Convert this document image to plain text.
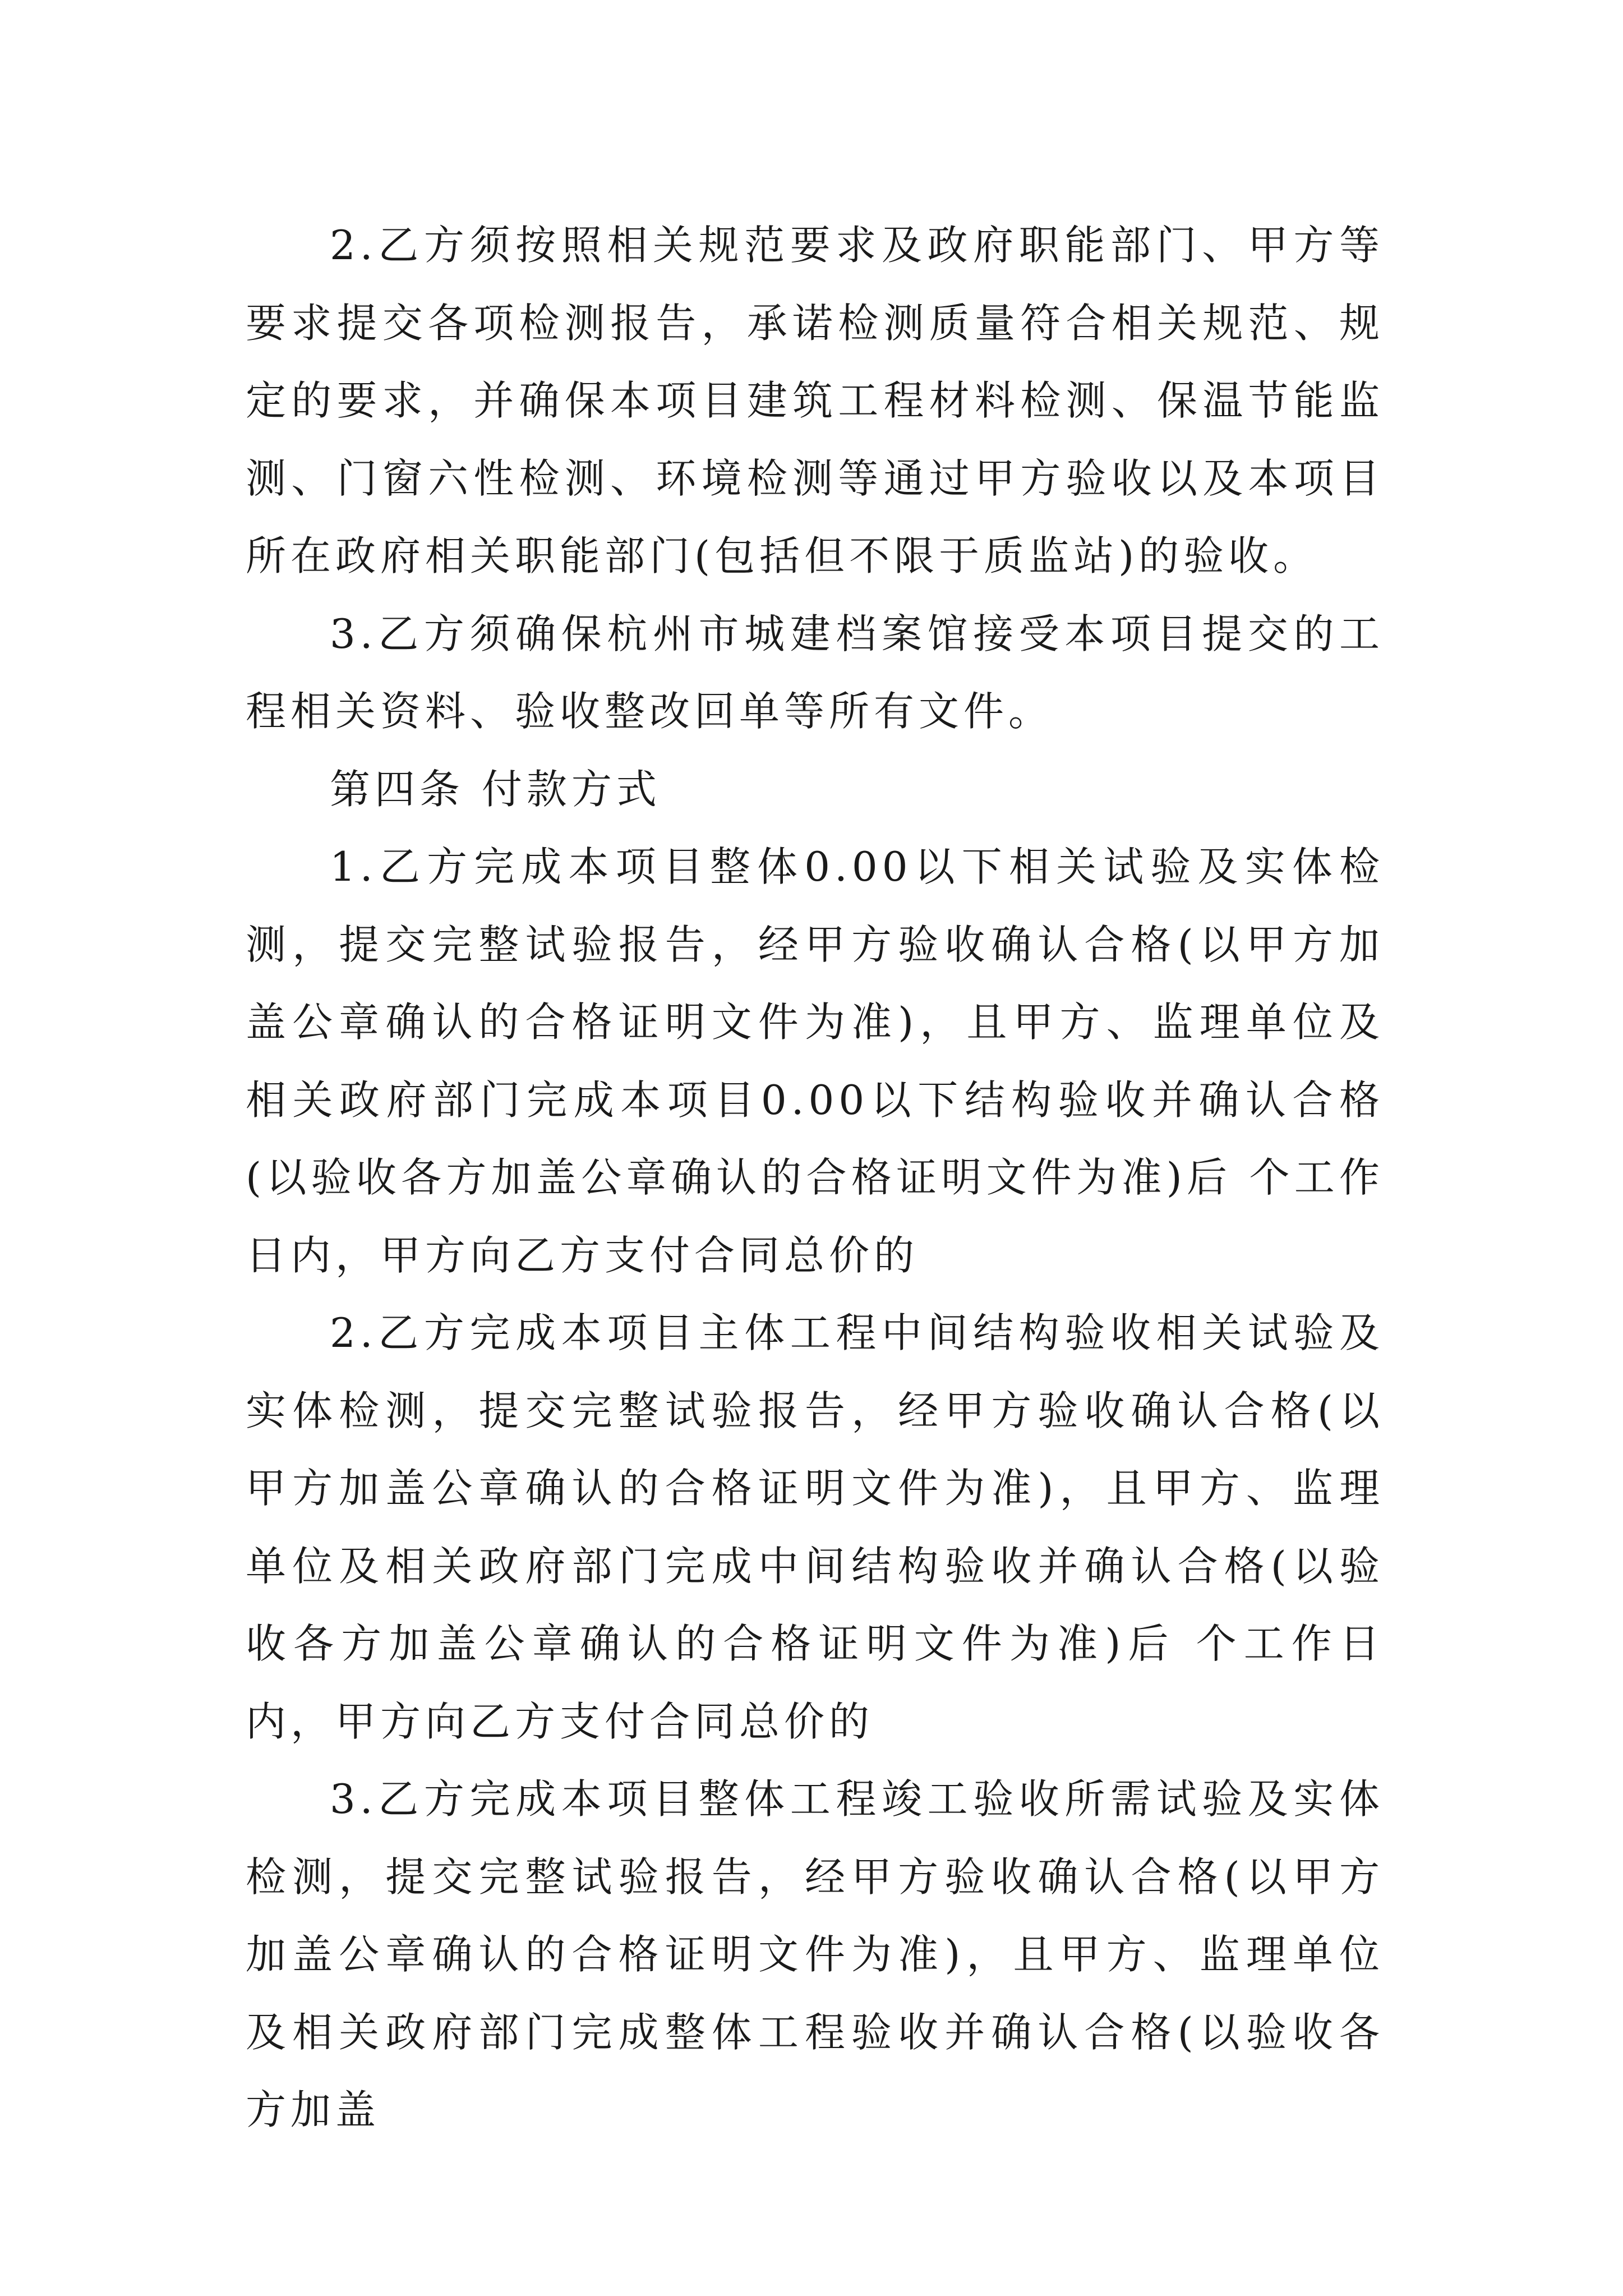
2.乙方须按照相关规范要求及政府职能部门、甲方等要求提交各项检测报告，承诺检测质量符合相关规范、规定的要求，并确保本项目建筑工程材料检测、保温节能监测、门窗六性检测、环境检测等通过甲方验收以及本项目所在政府相关职能部门(包括但不限于质监站)的验收。

3.乙方须确保杭州市城建档案馆接受本项目提交的工程相关资料、验收整改回单等所有文件。

第四条 付款方式

1.乙方完成本项目整体0.00以下相关试验及实体检测，提交完整试验报告，经甲方验收确认合格(以甲方加盖公章确认的合格证明文件为准)，且甲方、监理单位及相关政府部门完成本项目0.00以下结构验收并确认合格(以验收各方加盖公章确认的合格证明文件为准)后 个工作日内，甲方向乙方支付合同总价的

2.乙方完成本项目主体工程中间结构验收相关试验及实体检测，提交完整试验报告，经甲方验收确认合格(以甲方加盖公章确认的合格证明文件为准)，且甲方、监理单位及相关政府部门完成中间结构验收并确认合格(以验收各方加盖公章确认的合格证明文件为准)后 个工作日内，甲方向乙方支付合同总价的

3.乙方完成本项目整体工程竣工验收所需试验及实体检测，提交完整试验报告，经甲方验收确认合格(以甲方加盖公章确认的合格证明文件为准)，且甲方、监理单位及相关政府部门完成整体工程验收并确认合格(以验收各方加盖
